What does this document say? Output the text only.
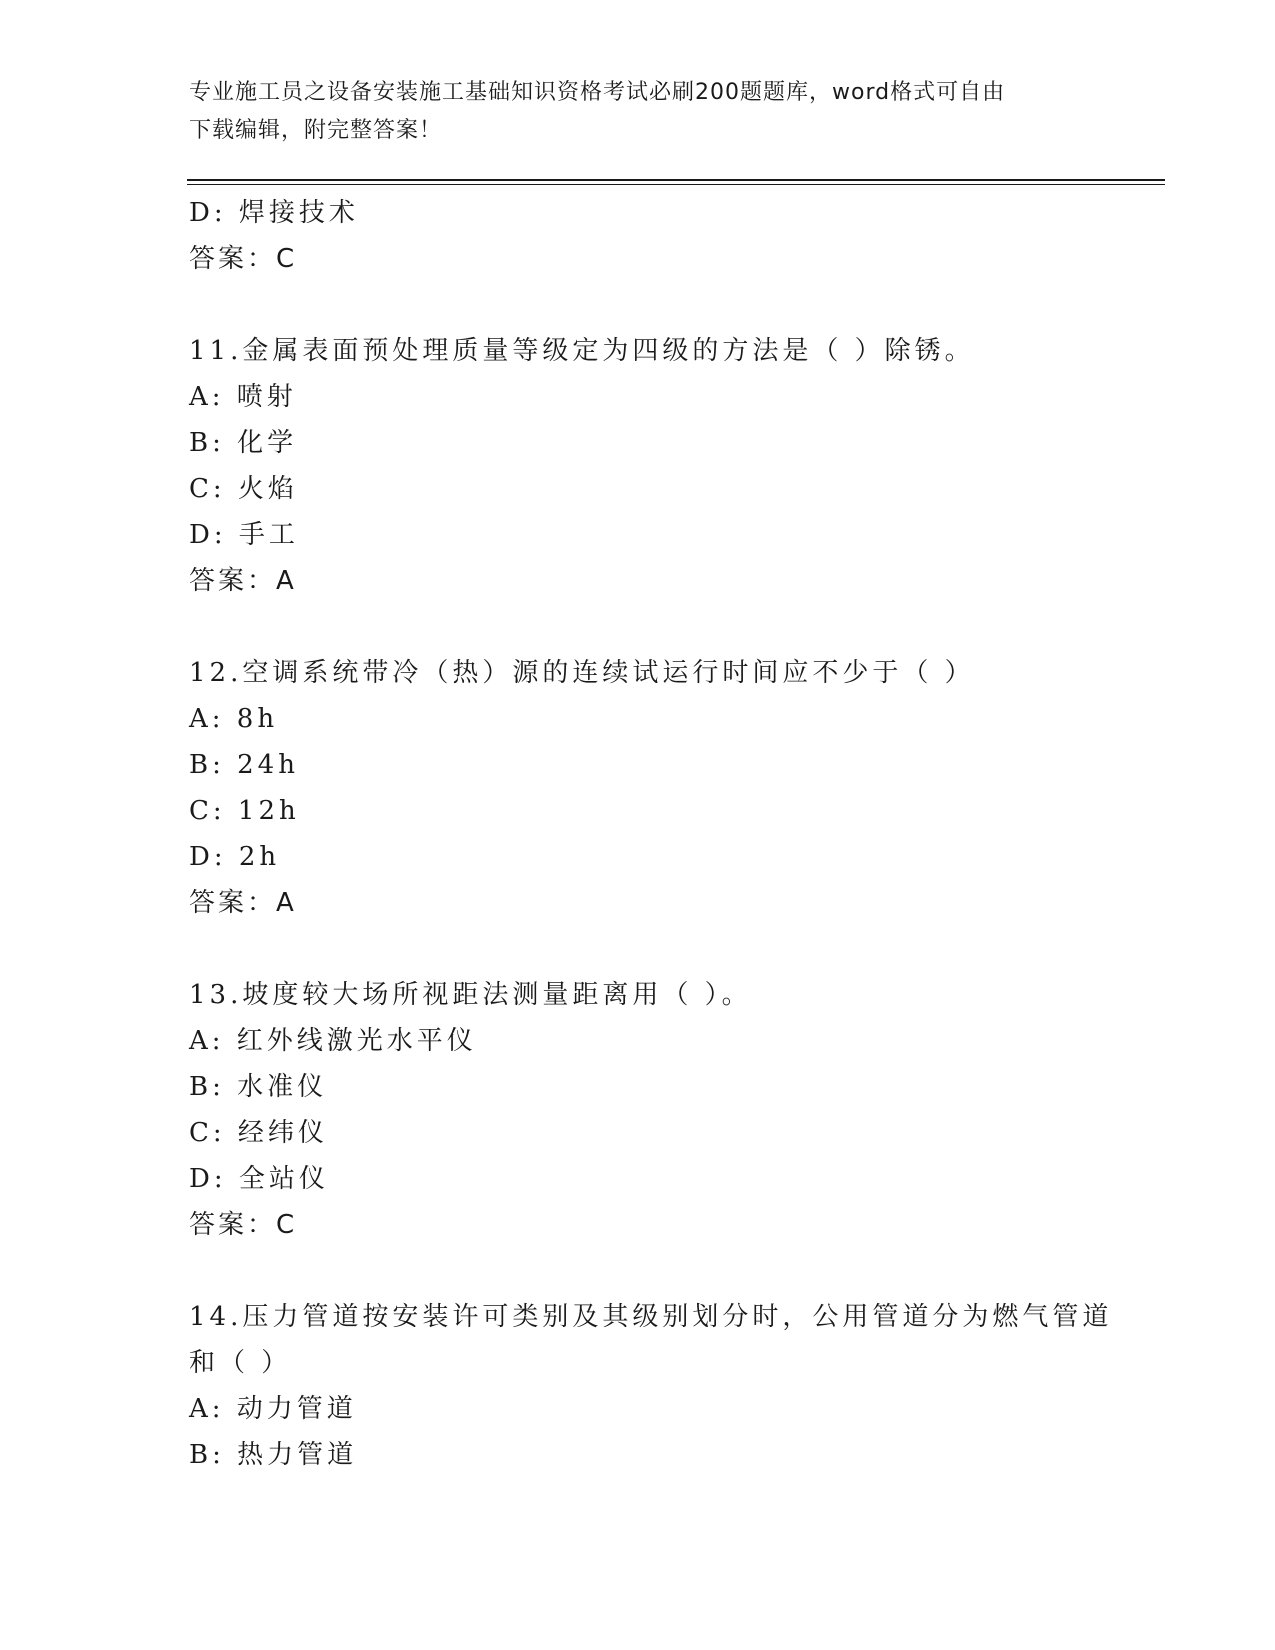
专业施工员之设备安装施工基础知识资格考试必刷200题题库，word格式可自由
下载编辑，附完整答案！
D: 焊接技术
答案：C
11.金属表面预处理质量等级定为四级的方法是（ ）除锈。
A: 喷射
B: 化学
C: 火焰
D: 手工
答案：A
12.空调系统带冷（热）源的连续试运行时间应不少于（ ）
A: 8h
B: 24h
C: 12h
D: 2h
答案：A
13.坡度较大场所视距法测量距离用（ ）。
A: 红外线激光水平仪
B: 水准仪
C: 经纬仪
D: 全站仪
答案：C
14.压力管道按安装许可类别及其级别划分时，公用管道分为燃气管道
和（ ）
A: 动力管道
B: 热力管道
